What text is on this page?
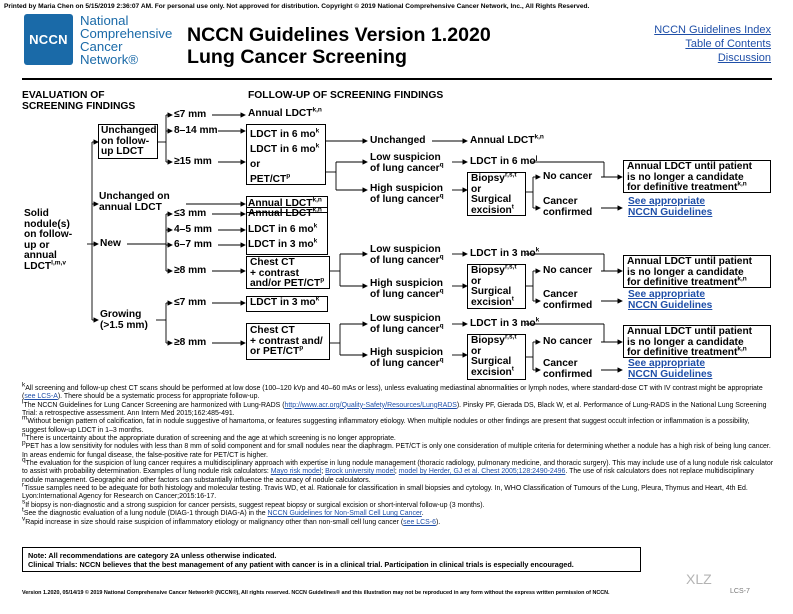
Printed by Maria Chen on 5/15/2019 2:36:07 AM. For personal use only. Not approved for distribution. Copyright © 2019 National Comprehensive Cancer Network, Inc., All Rights Reserved.
NCCN
National
Comprehensive
Cancer
Network®
NCCN Guidelines Version 1.2020
Lung Cancer Screening
NCCN Guidelines Index
Table of Contents
Discussion
EVALUATION OF
SCREENING FINDINGS
FOLLOW-UP OF SCREENING FINDINGS
Solid
nodule(s)
on follow-
up or
annual
LDCT$^{l,m,v}$
Unchanged
on follow-
up LDCT
Unchanged on
annual LDCT
New
Growing
(>1.5 mm)
≤7 mm
8–14 mm
≥15 mm
≤3 mm
4–5 mm
6–7 mm
≥8 mm
≤7 mm
≥8 mm
Annual LDCT$^{k,n}$
LDCT in 6 $mo^k$
LDCT in 6 $mo^k$
or
PET/$CT^p$
Unchanged	Annual LDCT$^{k,n}$
Low suspicion
of lung cancer$^q$	LDCT in 6 $mo^j$
High suspicion
of lung cancer$^q$
Biopsy$^{r,s,t}$
or
Surgical
excision$^t$
No cancer
Cancer
confirmed
Annual LDCT until patient
is no longer a candidate
for definitive treatment$^{k,n}$
See appropriate
NCCN Guidelines
Annual LDCT$^{k,n}$
Annual LDCT$^{k,n}$
LDCT in 6 $mo^k$
LDCT in 3 $mo^k$
Chest CT
+ contrast
and/or PET/$CT^p$
Low suspicion
of lung cancer$^q$	LDCT in 3 $mo^k$
High suspicion
of lung cancer$^q$
Biopsy$^{r,s,t}$
or
Surgical
excision$^t$
No cancer
Cancer
confirmed
Annual LDCT until patient
is no longer a candidate
for definitive treatment$^{k,n}$
See appropriate
NCCN Guidelines
LDCT in 3 $mo^k$
Chest CT
+ contrast and/
or PET/$CT^p$
Low suspicion
of lung cancer$^q$	LDCT in 3 $mo^k$
High suspicion
of lung cancer$^q$
Biopsy$^{r,s,t}$
or
Surgical
excision$^t$
No cancer
Cancer
confirmed
Annual LDCT until patient
is no longer a candidate
for definitive treatment$^{k,n}$
See appropriate
NCCN Guidelines

$^k$All screening and follow-up chest CT scans should be performed at low dose (100–120 kVp and 40–60 mAs or less), unless evaluating mediastinal abnormalities or lymph nodes, where standard-dose CT with IV contrast might be appropriate (see LCS-A). There should be a systematic process for appropriate follow-up.

$^l$The NCCN Guidelines for Lung Cancer Screening are harmonized with Lung-RADS (http://www.acr.org/Quality-Safety/Resources/LungRADS). Pinsky PF, Gierada DS, Black W, et al. Performance of Lung-RADS in the National Lung Screening Trial: a retrospective assessment. Ann Intern Med 2015;162:485-491.

$^m$Without benign pattern of calcification, fat in nodule suggestive of hamartoma, or features suggesting inflammatory etiology. When multiple nodules or other findings are present that suggest occult infection or inflammation is a possibility, suggest follow-up LDCT in 1–3 months.

$^n$There is uncertainty about the appropriate duration of screening and the age at which screening is no longer appropriate.

$^p$PET has a low sensitivity for nodules with less than 8 mm of solid component and for small nodules near the diaphragm. PET/CT is only one consideration of multiple criteria for determining whether a nodule has a high risk of being lung cancer. In areas endemic for fungal disease, the false-positive rate for PET/CT is higher.

$^q$The evaluation for the suspicion of lung cancer requires a multidisciplinary approach with expertise in lung nodule management (thoracic radiology, pulmonary medicine, and thoracic surgery). This may include use of a lung nodule risk calculator to assist with probability determination. Examples of lung nodule risk calculators: Mayo risk model; Brock university model; model by Herder, GJ et al. Chest 2005;128:2490-2496. The use of risk calculators does not replace multidisciplinary nodule management. Geographic and other factors can substantially influence the accuracy of nodule calculators.

$^r$Tissue samples need to be adequate for both histology and molecular testing. Travis WD, et al. Rationale for classification in small biopsies and cytology. In, WHO Classification of Tumours of the Lung, Pleura, Thymus and Heart, 4th Ed. Lyon:International Agency for Research on Cancer;2015:16-17.

$^s$If biopsy is non-diagnostic and a strong suspicion for cancer persists, suggest repeat biopsy or surgical excision or short-interval follow-up (3 months).

$^t$See the diagnostic evaluation of a lung nodule (DIAG-1 through DIAG-A) in the NCCN Guidelines for Non-Small Cell Lung Cancer.

$^v$Rapid increase in size should raise suspicion of inflammatory etiology or malignancy other than non-small cell lung cancer (see LCS-6).

Note: All recommendations are category 2A unless otherwise indicated.
Clinical Trials: NCCN believes that the best management of any patient with cancer is in a clinical trial. Participation in clinical trials is especially encouraged.
Version 1.2020, 05/14/19 © 2019 National Comprehensive Cancer Network® (NCCN®), All rights reserved. NCCN Guidelines® and this illustration may not be reproduced in any form without the express written permission of NCCN.
XLZ
LCS-7
